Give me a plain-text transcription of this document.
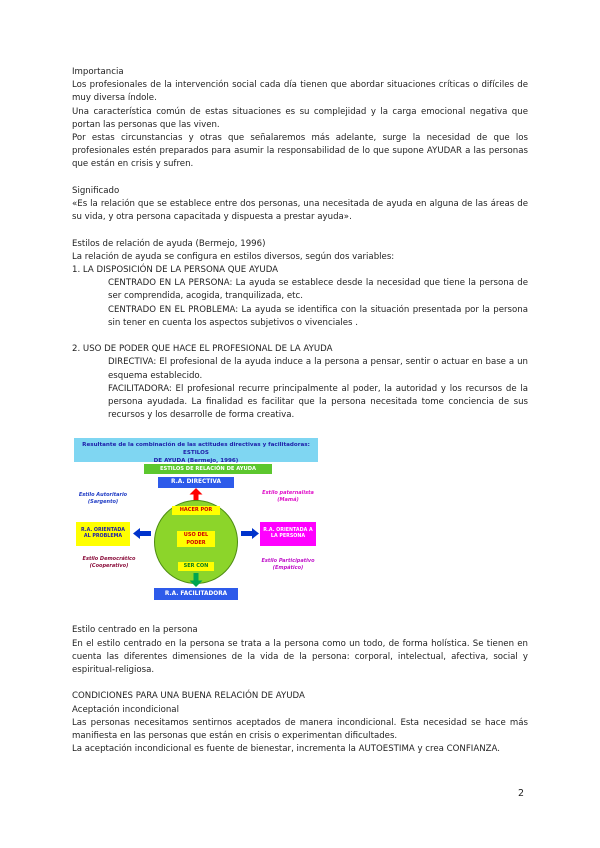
Importancia

Los profesionales de la intervención social cada día tienen que abordar situaciones críticas o difíciles de muy diversa índole.

Una característica común de estas situaciones es su complejidad y la carga emocional negativa que portan las personas que las viven.

Por estas circunstancias y otras que señalaremos más adelante, surge la necesidad de que los profesionales estén preparados para asumir la responsabilidad de lo que supone AYUDAR a las personas que están en crisis y sufren.

Significado

«Es la relación que se establece entre dos personas, una necesitada de ayuda en alguna de las áreas de su vida, y otra persona capacitada y dispuesta a prestar ayuda».

Estilos de relación de ayuda (Bermejo, 1996)

La relación de ayuda se configura en estilos diversos, según dos variables:

1. LA DISPOSICIÓN DE LA PERSONA QUE AYUDA

CENTRADO EN LA PERSONA: La ayuda se establece desde la necesidad que tiene la persona de ser comprendida, acogida, tranquilizada, etc.

CENTRADO EN EL PROBLEMA: La ayuda se identifica con la situación presentada por la persona sin tener en cuenta los aspectos subjetivos o vivenciales .

2. USO DE PODER QUE HACE EL PROFESIONAL DE LA AYUDA

DIRECTIVA: El profesional de la ayuda induce a la persona a pensar, sentir o actuar en base a un esquema establecido.

FACILITADORA: El profesional recurre principalmente al poder, la autoridad y los recursos de la persona ayudada. La finalidad es facilitar que la persona necesitada tome conciencia de sus recursos y los desarrolle de forma creativa.

Resultante de la combinación de las actitudes directivas y facilitadoras: ESTILOS
DE AYUDA (Bermejo, 1996)
ESTILOS DE RELACIÓN DE AYUDA
R.A. DIRECTIVA
HACER POR
USO DEL PODER
SER CON
R.A. ORIENTADA AL PROBLEMA
R.A. ORIENTADA A LA PERSONA
R.A. FACILITADORA
Estilo Autoritario
(Sargento)
Estilo paternalista
(Mamá)
Estilo Democrático
(Cooperativo)
Estilo Participativo
(Empático)

Estilo centrado en la persona

En el estilo centrado en la persona se trata a la persona como un todo, de forma holística. Se tienen en cuenta las diferentes dimensiones de la vida de la persona: corporal, intelectual, afectiva, social y espiritual-religiosa.

CONDICIONES PARA UNA BUENA RELACIÓN DE AYUDA

Aceptación incondicional

Las personas necesitamos sentirnos aceptados de manera incondicional. Esta necesidad se hace más manifiesta en las personas que están en crisis o experimentan dificultades.

La aceptación incondicional es fuente de bienestar, incrementa la AUTOESTIMA y crea CONFIANZA.

2
